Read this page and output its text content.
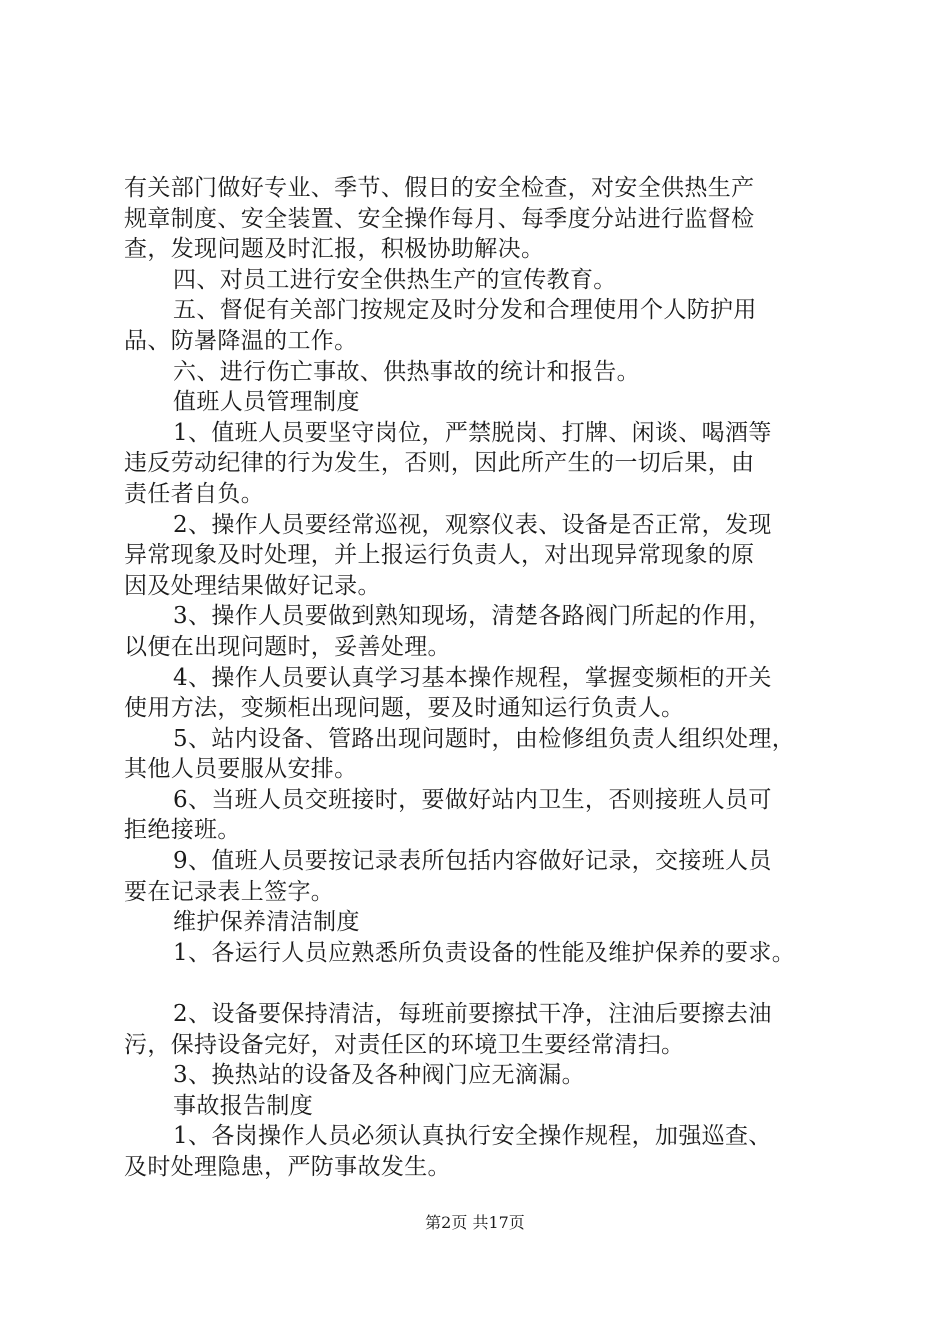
有关部门做好专业、季节、假日的安全检查，对安全供热生产
规章制度、安全装置、安全操作每月、每季度分站进行监督检
查，发现问题及时汇报，积极协助解决。
四、对员工进行安全供热生产的宣传教育。
五、督促有关部门按规定及时分发和合理使用个人防护用
品、防暑降温的工作。
六、进行伤亡事故、供热事故的统计和报告。
值班人员管理制度
1、值班人员要坚守岗位，严禁脱岗、打牌、闲谈、喝酒等
违反劳动纪律的行为发生，否则，因此所产生的一切后果，由
责任者自负。
2、操作人员要经常巡视，观察仪表、设备是否正常，发现
异常现象及时处理，并上报运行负责人，对出现异常现象的原
因及处理结果做好记录。
3、操作人员要做到熟知现场，清楚各路阀门所起的作用，
以便在出现问题时，妥善处理。
4、操作人员要认真学习基本操作规程，掌握变频柜的开关
使用方法，变频柜出现问题，要及时通知运行负责人。
5、站内设备、管路出现问题时，由检修组负责人组织处理，
其他人员要服从安排。
6、当班人员交班接时，要做好站内卫生，否则接班人员可
拒绝接班。
9、值班人员要按记录表所包括内容做好记录，交接班人员
要在记录表上签字。
维护保养清洁制度
1、各运行人员应熟悉所负责设备的性能及维护保养的要求。
2、设备要保持清洁，每班前要擦拭干净，注油后要擦去油
污，保持设备完好，对责任区的环境卫生要经常清扫。
3、换热站的设备及各种阀门应无滴漏。
事故报告制度
1、各岗操作人员必须认真执行安全操作规程，加强巡查、
及时处理隐患，严防事故发生。
第2页 共17页
